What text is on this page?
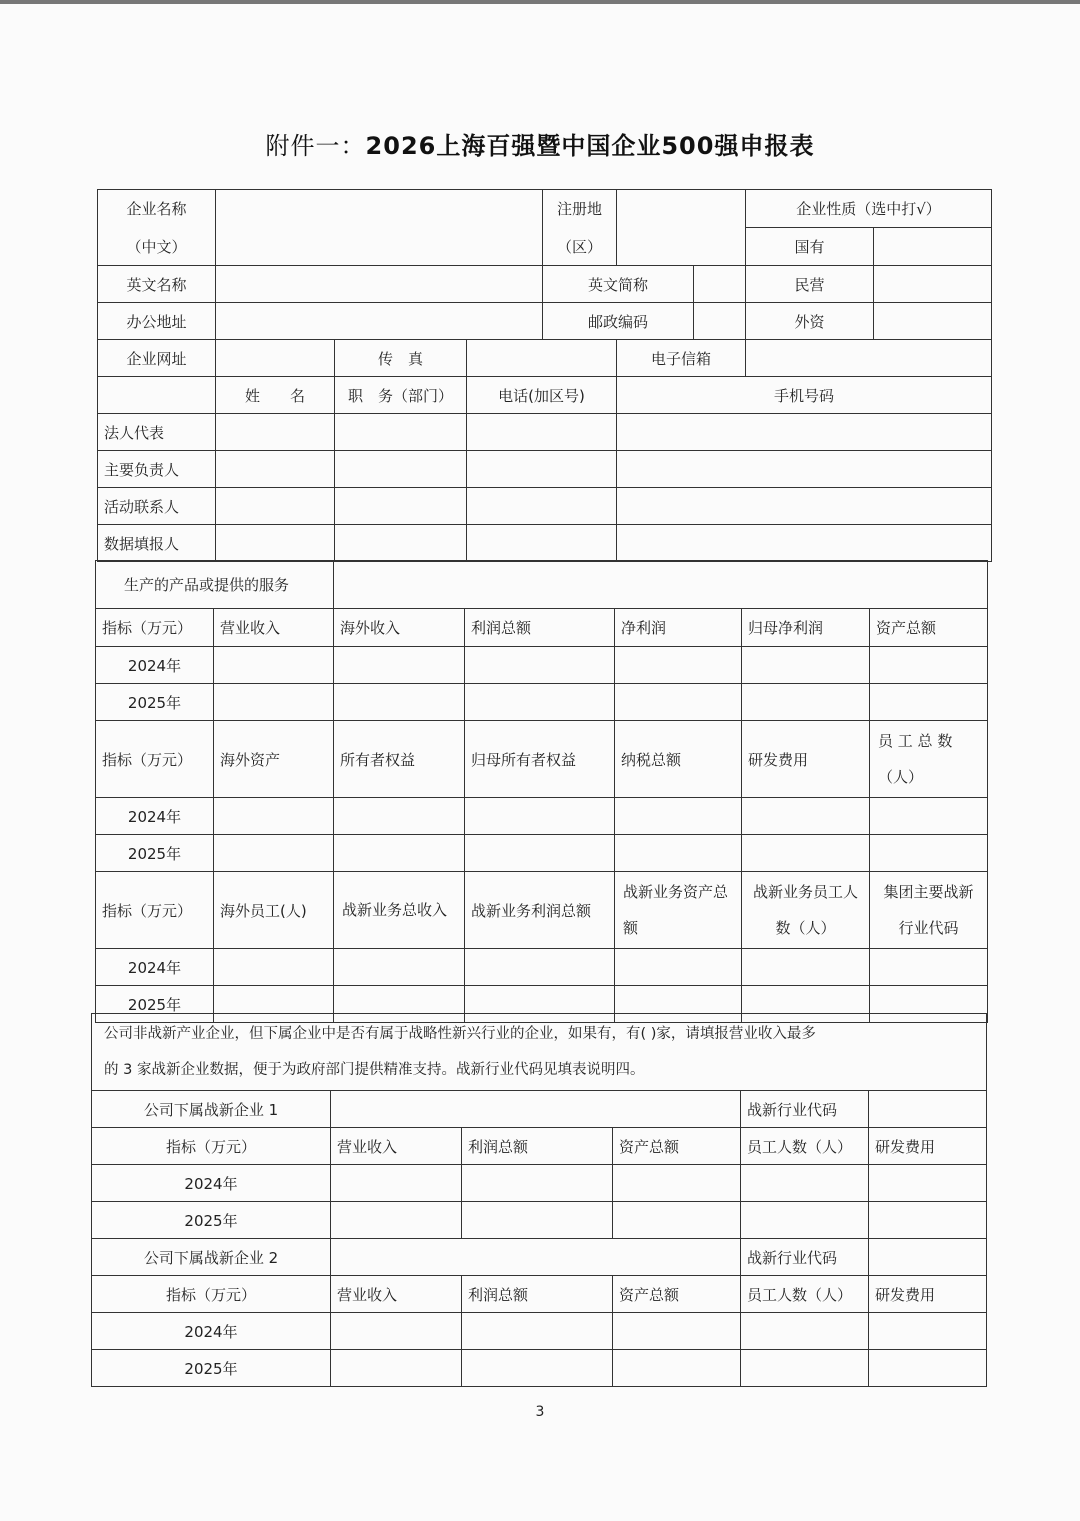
附件一：2026上海百强暨中国企业500强申报表
企业名称				注册地			企业性质（选中打√）	
（中文）				（区）			国有	
英文名称				英文简称			民营	
办公地址				邮政编码			外资	
企业网址		传　真			电子信箱			
	姓　　名	职　务（部门）	电话(加区号)		手机号码			
法人代表								
主要负责人								
活动联系人								
数据填报人								
生产的产品或提供的服务						
指标（万元）	营业收入	海外收入	利润总额	净利润	归母净利润	资产总额
2024年						
2025年						
指标（万元）	海外资产	所有者权益	归母所有者权益	纳税总额	研发费用	员 工 总 数（人）
2024年						
2025年						
指标（万元）	海外员工(人)	战新业务总收入	战新业务利润总额	战新业务资产总额	战新业务员工人数（人）	集团主要战新行业代码
2024年						
2025年						
公司非战新产业企业，但下属企业中是否有属于战略性新兴行业的企业，如果有，有( )家，请填报营业收入最多
的 3 家战新企业数据，便于为政府部门提供精准支持。战新行业代码见填表说明四。					
公司下属战新企业 1				战新行业代码	
指标（万元）	营业收入	利润总额	资产总额	员工人数（人）	研发费用
2024年					
2025年					
公司下属战新企业 2				战新行业代码	
指标（万元）	营业收入	利润总额	资产总额	员工人数（人）	研发费用
2024年					
2025年					
3
